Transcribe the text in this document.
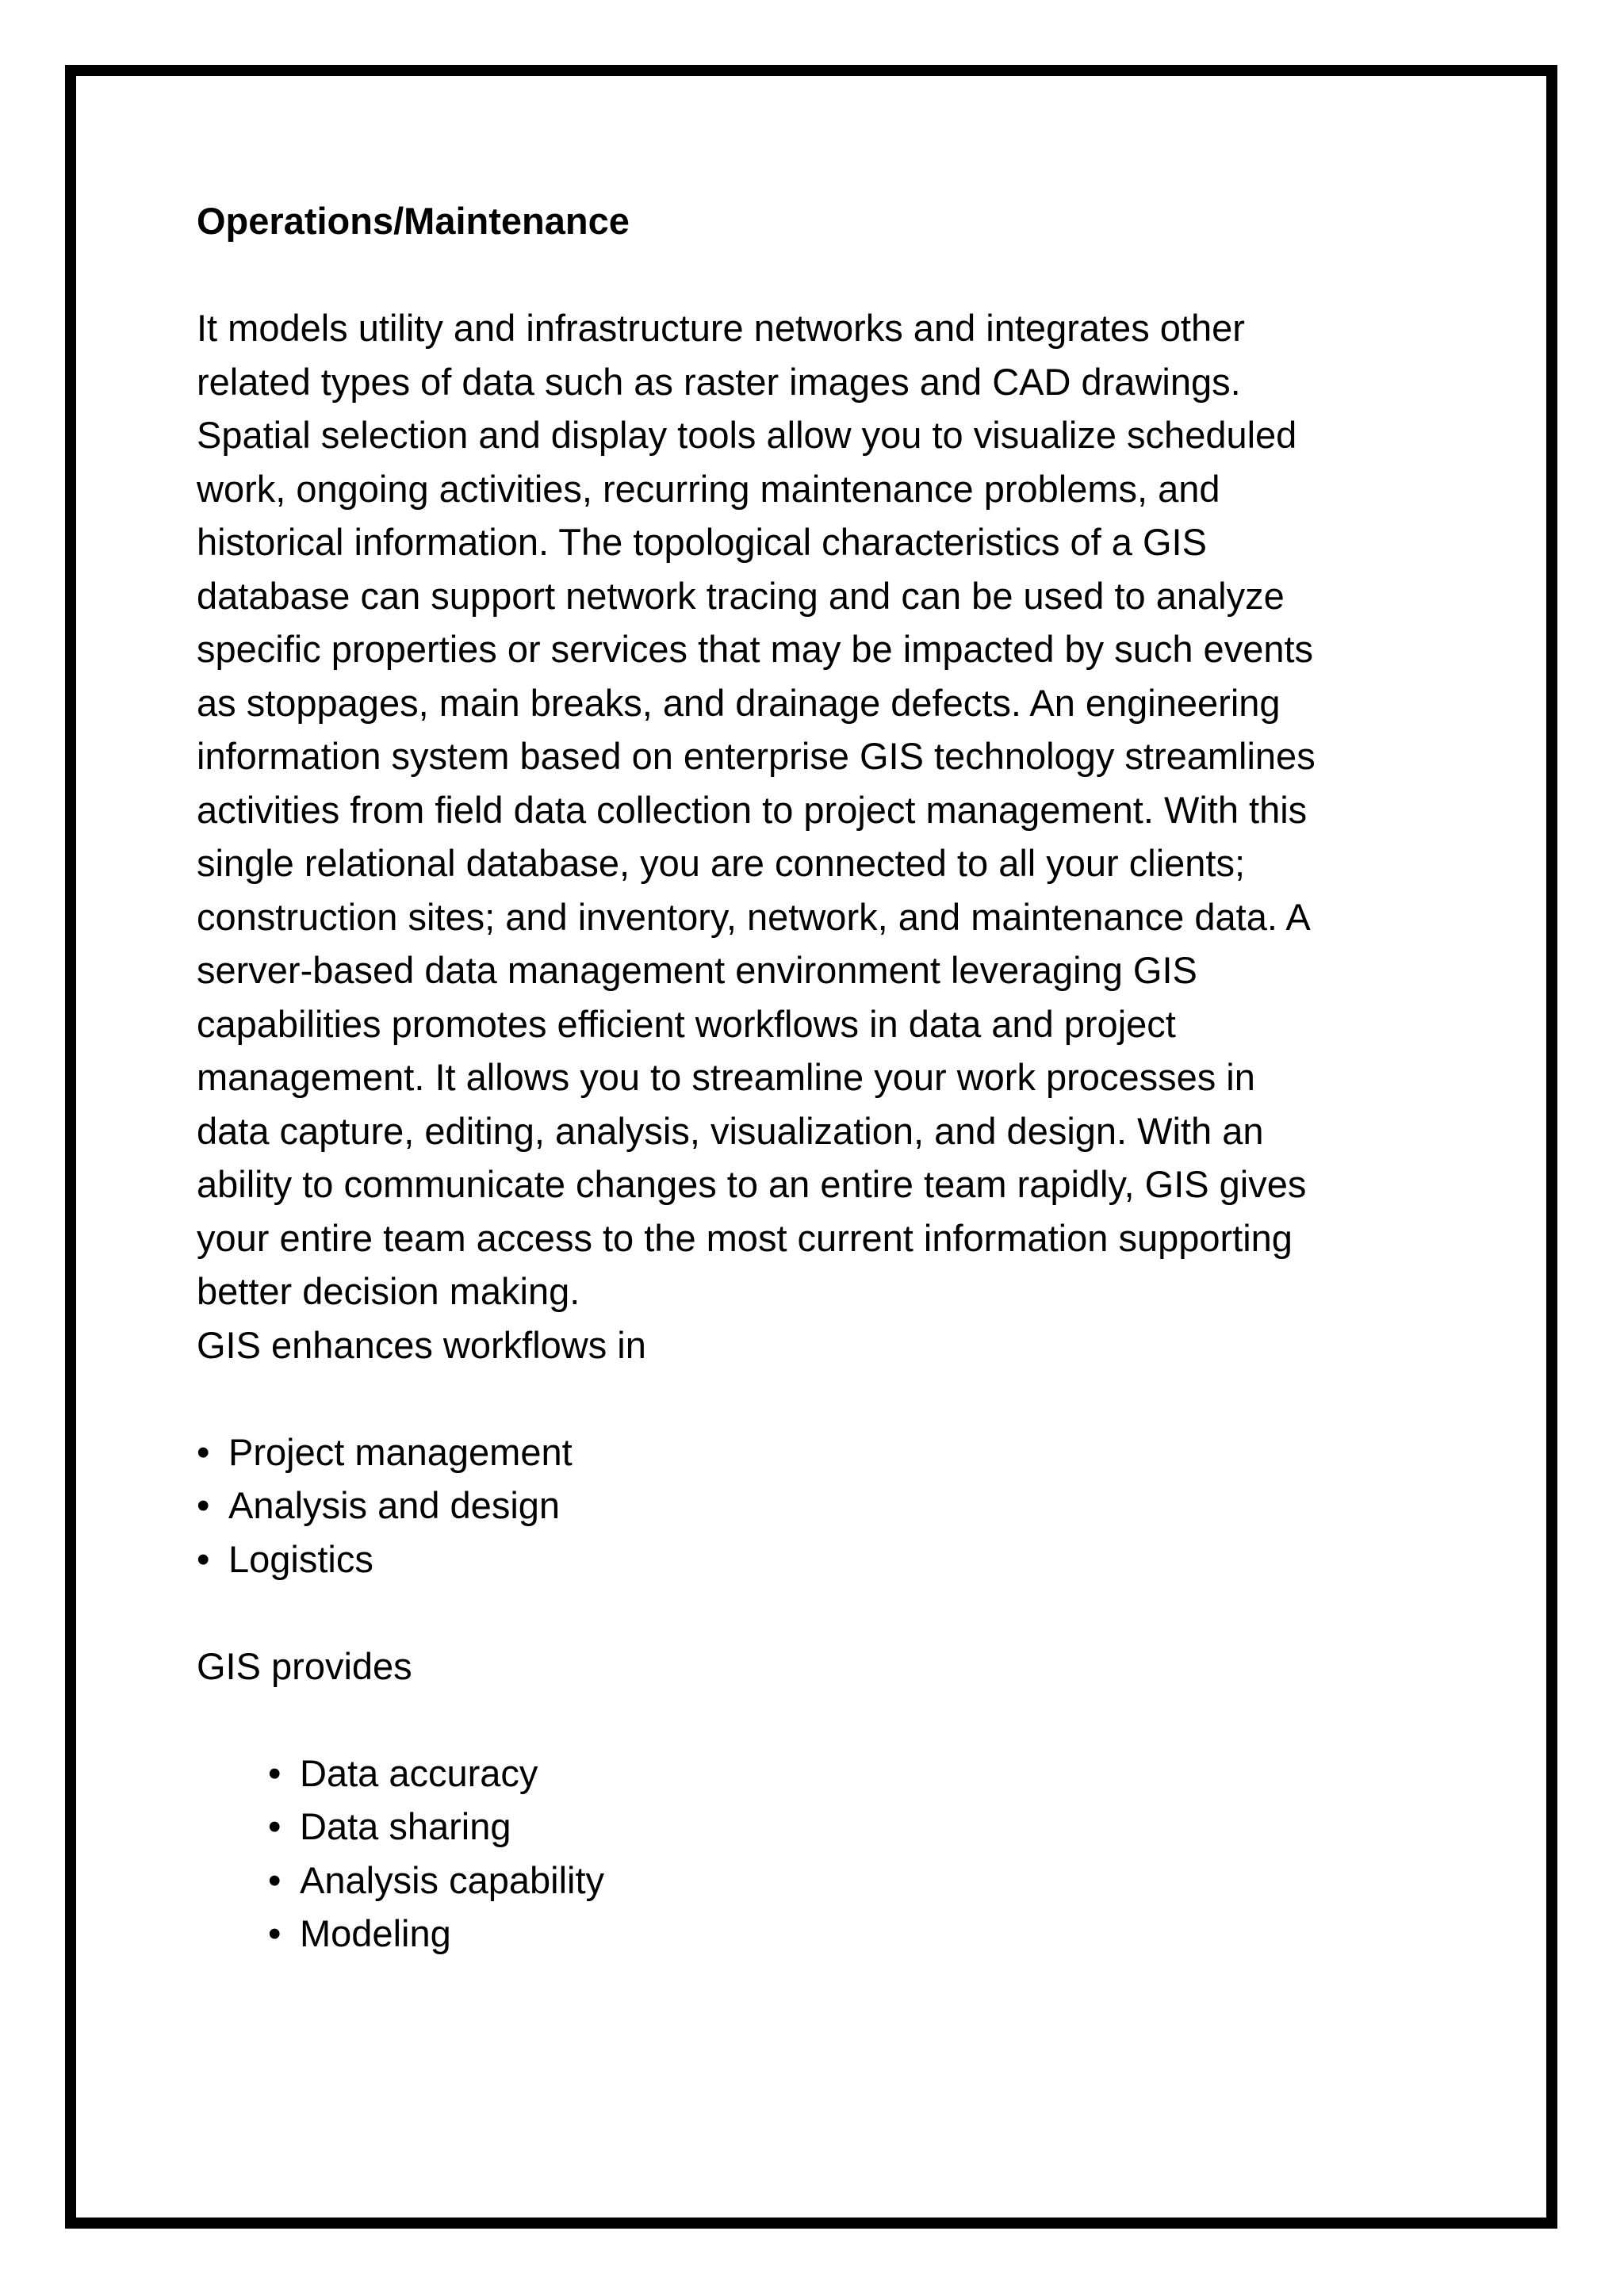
Operations/Maintenance
It models utility and infrastructure networks and integrates other
related types of data such as raster images and CAD drawings.
Spatial selection and display tools allow you to visualize scheduled
work, ongoing activities, recurring maintenance problems, and
historical information. The topological characteristics of a GIS
database can support network tracing and can be used to analyze
specific properties or services that may be impacted by such events
as stoppages, main breaks, and drainage defects. An engineering
information system based on enterprise GIS technology streamlines
activities from field data collection to project management. With this
single relational database, you are connected to all your clients;
construction sites; and inventory, network, and maintenance data. A
server-based data management environment leveraging GIS
capabilities promotes efficient workflows in data and project
management. It allows you to streamline your work processes in
data capture, editing, analysis, visualization, and design. With an
ability to communicate changes to an entire team rapidly, GIS gives
your entire team access to the most current information supporting
better decision making.
GIS enhances workflows in
• Project management
• Analysis and design
• Logistics
GIS provides
• Data accuracy
• Data sharing
• Analysis capability
• Modeling
